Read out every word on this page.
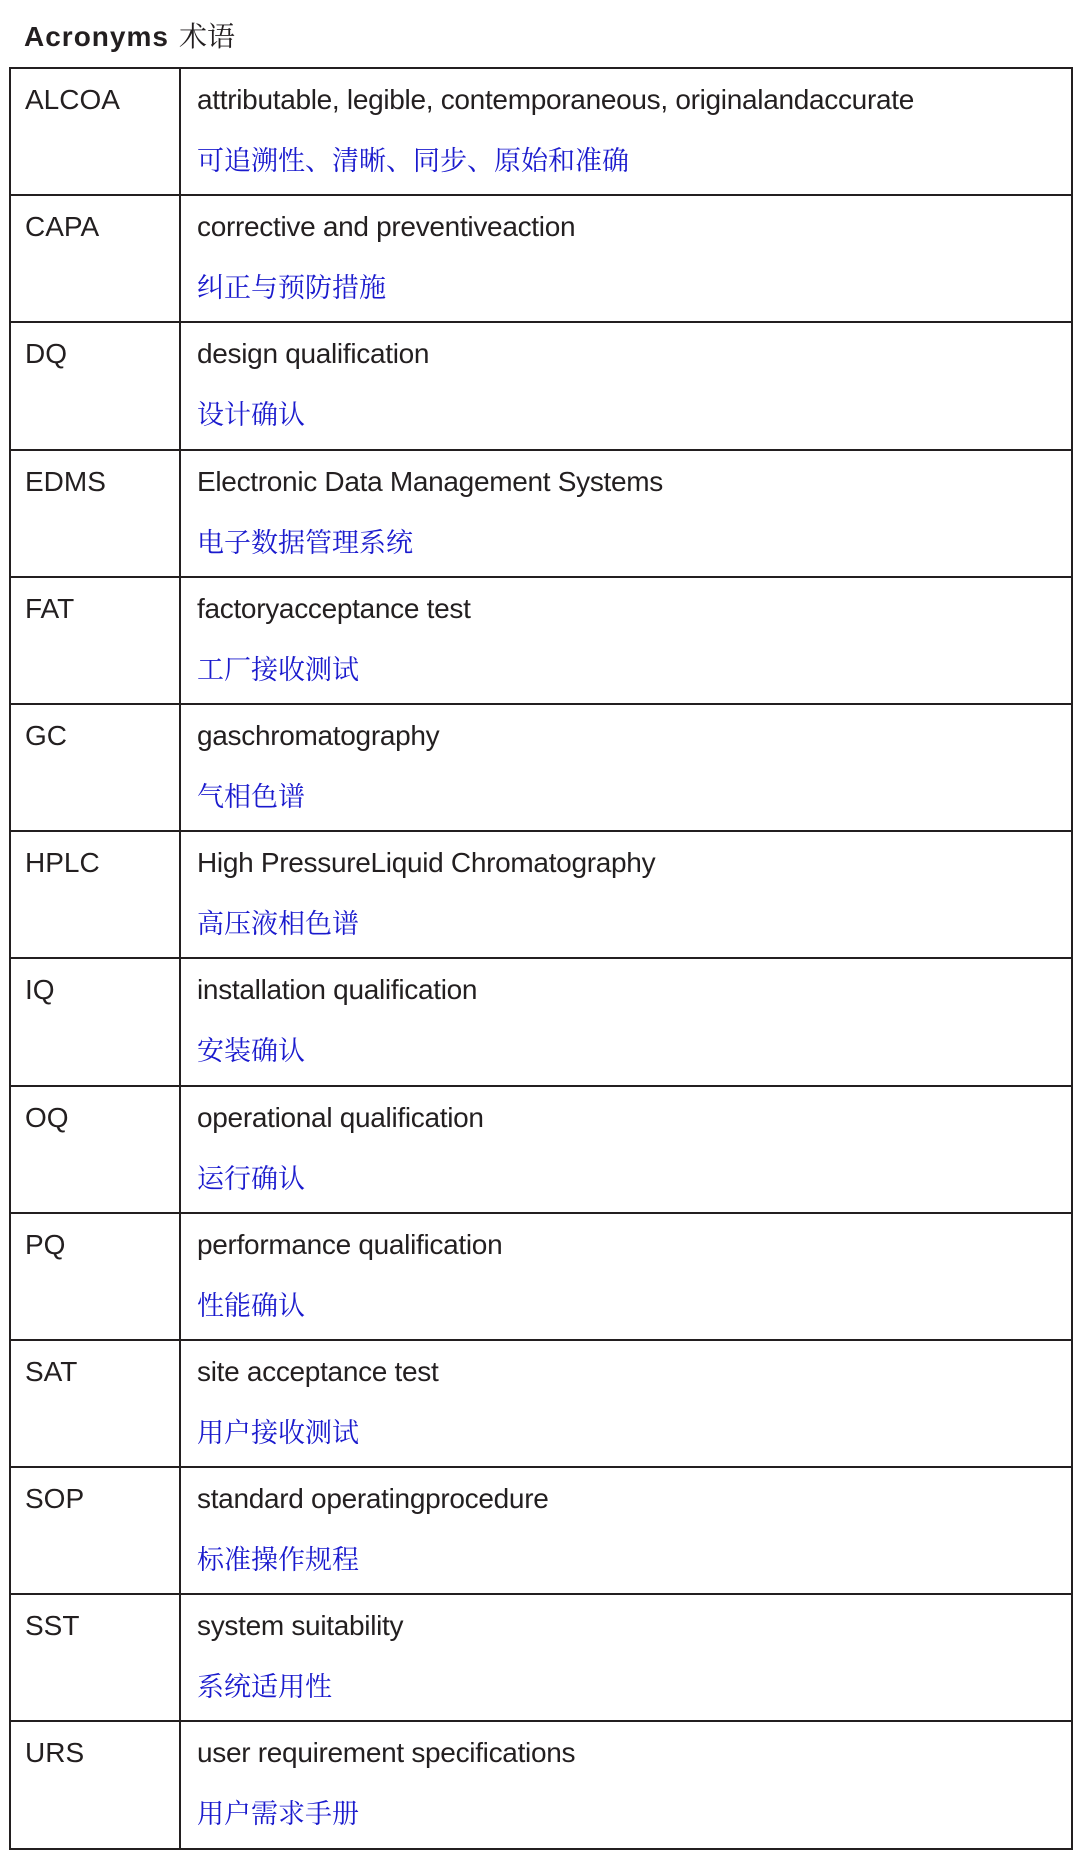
Acronyms 术语
ALCOA	attributable, legible, contemporaneous, originalandaccurate
可追溯性、清晰、同步、原始和准确

CAPA	corrective and preventiveaction
纠正与预防措施

DQ	design qualification
设计确认

EDMS	Electronic Data Management Systems
电子数据管理系统

FAT	factoryacceptance test
工厂接收测试

GC	gaschromatography
气相色谱

HPLC	High PressureLiquid Chromatography
高压液相色谱

IQ	installation qualification
安装确认

OQ	operational qualification
运行确认

PQ	performance qualification
性能确认

SAT	site acceptance test
用户接收测试

SOP	standard operatingprocedure
标准操作规程

SST	system suitability
系统适用性

URS	user requirement specifications
用户需求手册
